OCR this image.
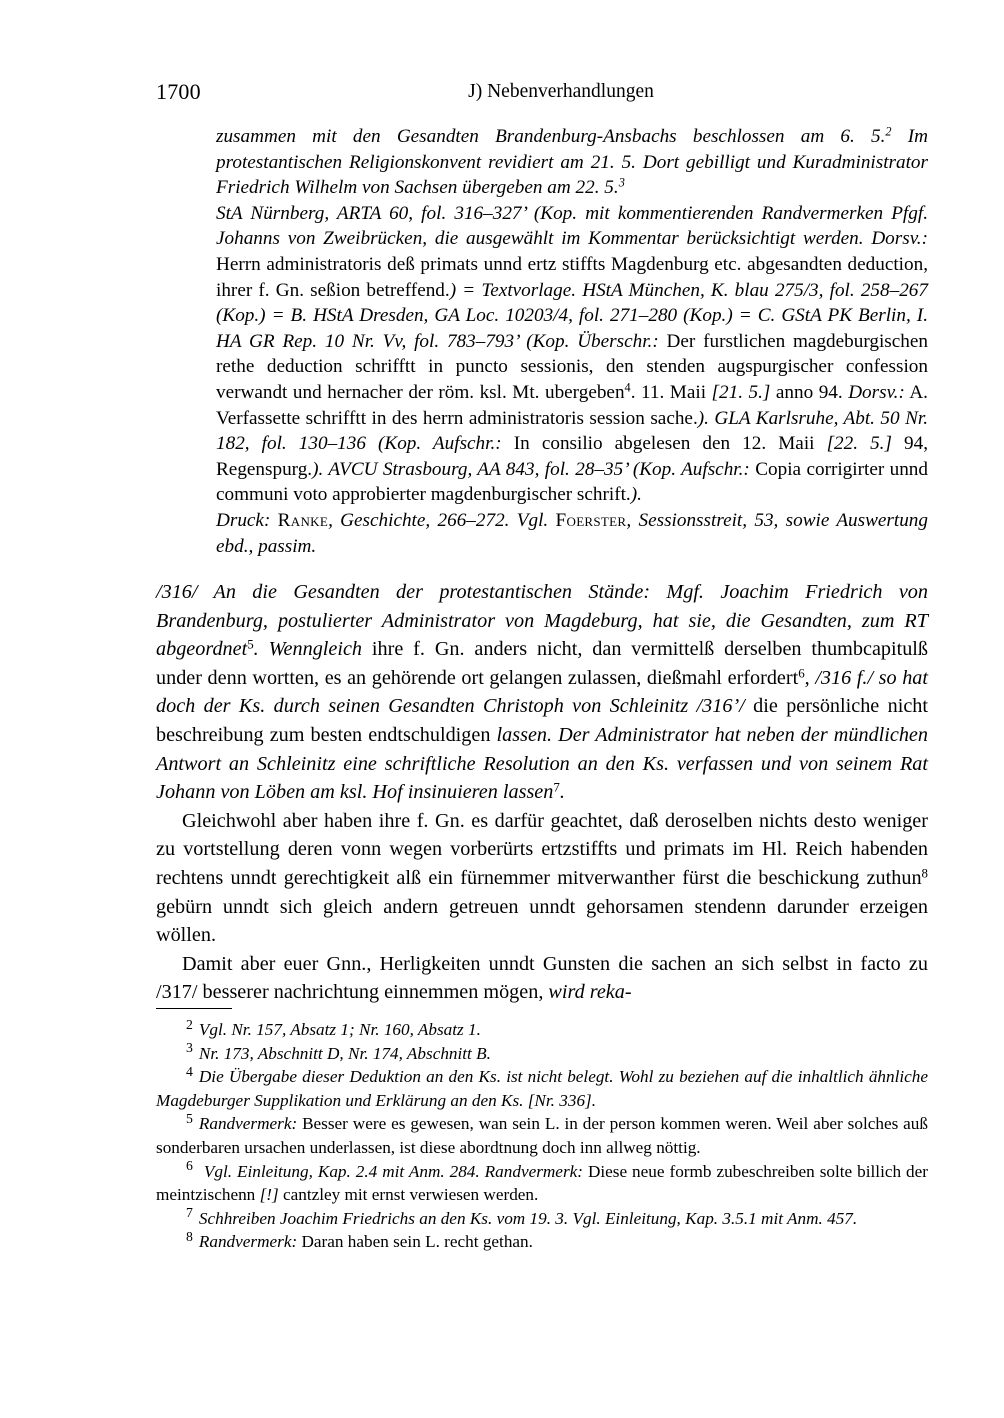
1700	J) Nebenverhandlungen

zusammen mit den Gesandten Brandenburg-Ansbachs beschlossen am 6. 5.$^2$ Im protestantischen Religionskonvent revidiert am 21. 5. Dort gebilligt und Kuradministrator Friedrich Wilhelm von Sachsen übergeben am 22. 5.$^3$

StA Nürnberg, ARTA 60, fol. 316–327’ (Kop. mit kommentierenden Randvermerken Pfgf. Johanns von Zweibrücken, die ausgewählt im Kommentar berücksichtigt werden. Dorsv.: Herrn administratoris deß primats unnd ertz stiffts Magdenburg etc. abgesandten deduction, ihrer f. Gn. seßion betreffend.) = Textvorlage. HStA München, K. blau 275/3, fol. 258–267 (Kop.) = B. HStA Dresden, GA Loc. 10203/4, fol. 271–280 (Kop.) = C. GStA PK Berlin, I. HA GR Rep. 10 Nr. Vv, fol. 783–793’ (Kop. Überschr.: Der furstlichen magdeburgischen rethe deduction schrifftt in puncto sessionis, den stenden augspurgischer confession verwandt und hernacher der röm. ksl. Mt. ubergeben$^4$. 11. Maii [21. 5.] anno 94. Dorsv.: A. Verfassette schrifftt in des herrn administratoris session sache.). GLA Karlsruhe, Abt. 50 Nr. 182, fol. 130–136 (Kop. Aufschr.: In consilio abgelesen den 12. Maii [22. 5.] 94, Regenspurg.). AVCU Strasbourg, AA 843, fol. 28–35’ (Kop. Aufschr.: Copia corrigirter unnd communi voto approbierter magdenburgischer schrift.).

Druck: Ranke, Geschichte, 266–272. Vgl. Foerster, Sessionsstreit, 53, sowie Auswertung ebd., passim.

/316/ An die Gesandten der protestantischen Stände: Mgf. Joachim Friedrich von Brandenburg, postulierter Administrator von Magdeburg, hat sie, die Gesandten, zum RT abgeordnet$^5$. Wenngleich ihre f. Gn. anders nicht, dan vermittelß derselben thumbcapitulß under denn wortten, es an gehörende ort gelangen zulassen, dießmahl erfordert$^6$, /316 f./ so hat doch der Ks. durch seinen Gesandten Christoph von Schleinitz /316’/ die persönliche nicht beschreibung zum besten endtschuldigen lassen. Der Administrator hat neben der mündlichen Antwort an Schleinitz eine schriftliche Resolution an den Ks. verfassen und von seinem Rat Johann von Löben am ksl. Hof insinuieren lassen$^7$.

Gleichwohl aber haben ihre f. Gn. es darfür geachtet, daß deroselben nichts desto weniger zu vortstellung deren vonn wegen vorberürts ertzstiffts und primats im Hl. Reich habenden rechtens unndt gerechtigkeit alß ein fürnemmer mitverwanther fürst die beschickung zuthun$^8$ gebürn unndt sich gleich andern getreuen unndt gehorsamen stendenn darunder erzeigen wöllen.

Damit aber euer Gnn., Herligkeiten unndt Gunsten die sachen an sich selbst in facto zu /317/ besserer nachrichtung einnemmen mögen, wird reka-

$^2$ Vgl. Nr. 157, Absatz 1; Nr. 160, Absatz 1.

$^3$ Nr. 173, Abschnitt D, Nr. 174, Abschnitt B.

$^4$ Die Übergabe dieser Deduktion an den Ks. ist nicht belegt. Wohl zu beziehen auf die inhaltlich ähnliche Magdeburger Supplikation und Erklärung an den Ks. [Nr. 336].

$^5$ Randvermerk: Besser were es gewesen, wan sein L. in der person kommen weren. Weil aber solches auß sonderbaren ursachen underlassen, ist diese abordtnung doch inn allweg nöttig.

$^6$ Vgl. Einleitung, Kap. 2.4 mit Anm. 284. Randvermerk: Diese neue formb zubeschreiben solte billich der meintzischenn [!] cantzley mit ernst verwiesen werden.

$^7$ Schhreiben Joachim Friedrichs an den Ks. vom 19. 3. Vgl. Einleitung, Kap. 3.5.1 mit Anm. 457.

$^8$ Randvermerk: Daran haben sein L. recht gethan.
